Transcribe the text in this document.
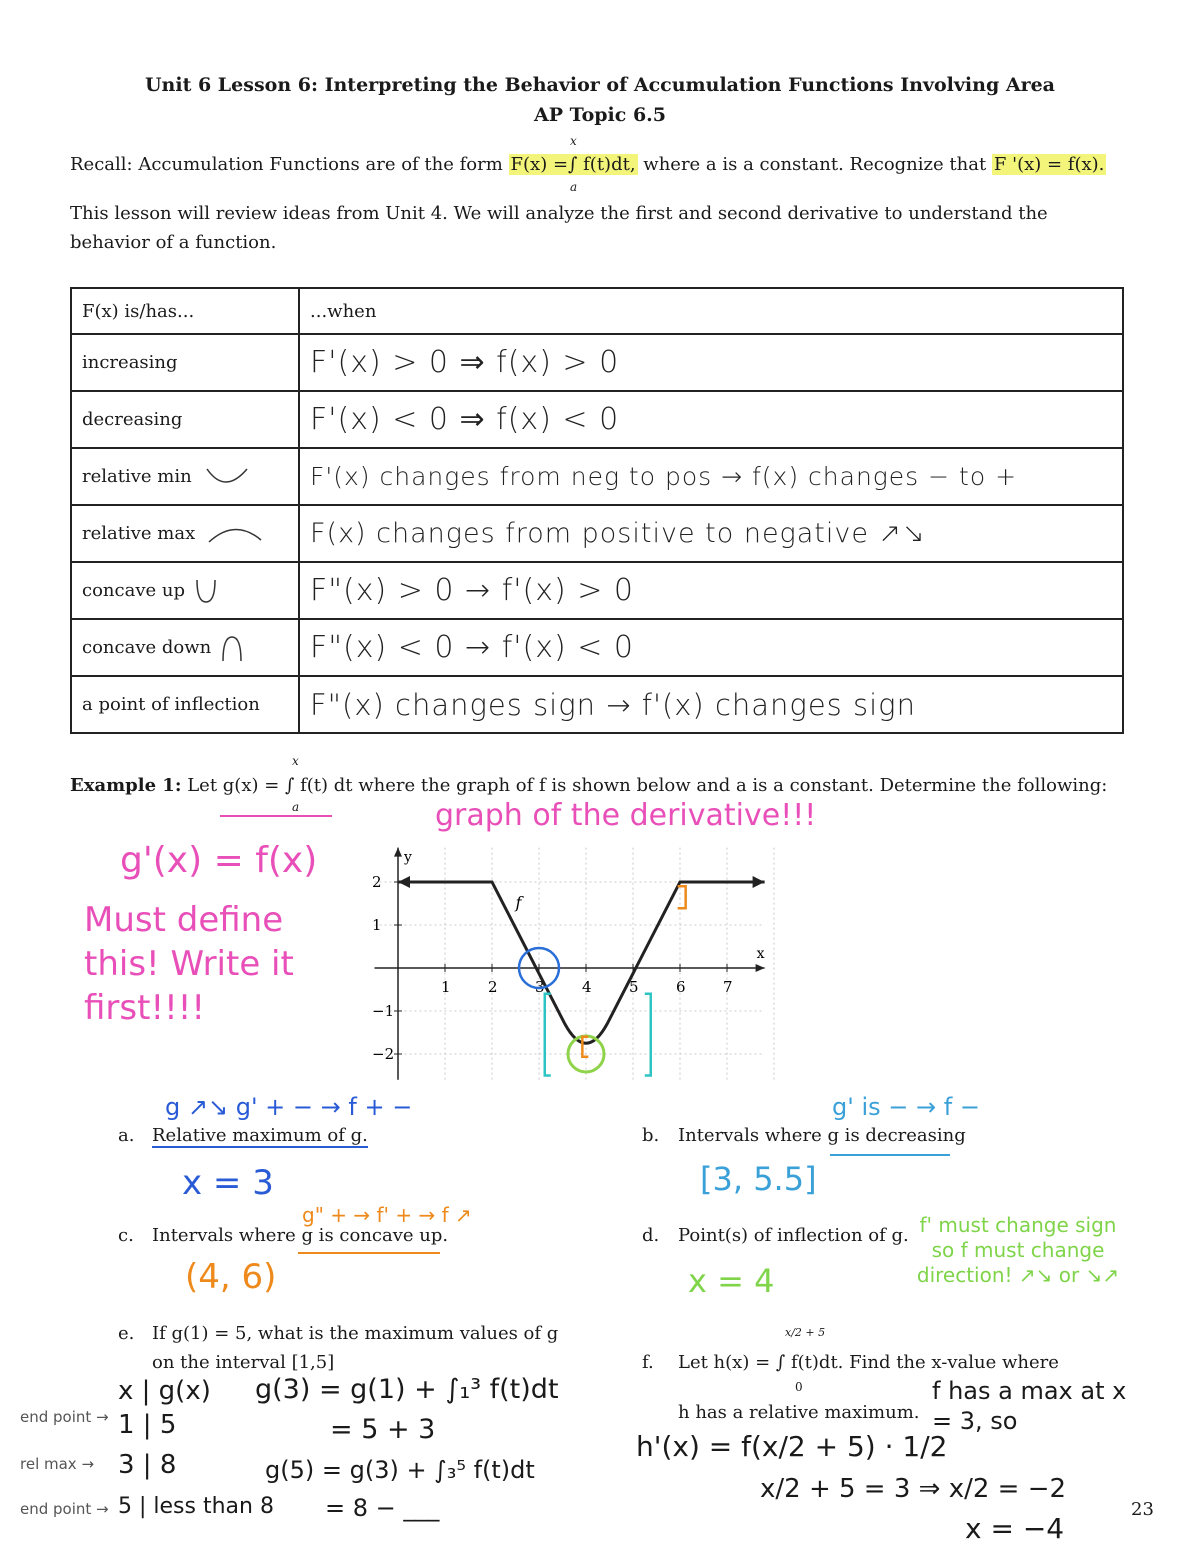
Unit 6 Lesson 6: Interpreting the Behavior of Accumulation Functions Involving Area
AP Topic 6.5
Recall: Accumulation Functions are of the form F(x) =∫ f(t)dt, where a is a constant. Recognize that F '(x) = f(x).
x
a
This lesson will review ideas from Unit 4. We will analyze the first and second derivative to understand the behavior of a function.
F(x) is/has...	...when
increasing	F'(x) > 0 ⇒ f(x) > 0
decreasing	F'(x) < 0 ⇒ f(x) < 0
relative min	F'(x) changes from neg to pos → f(x) changes − to +
relative max	F(x) changes from positive to negative ↗↘
concave up	F"(x) > 0 → f'(x) > 0
concave down	F"(x) < 0 → f'(x) < 0
a point of inflection	F"(x) changes sign → f'(x) changes sign
Example 1: Let g(x) = ∫ f(t) dt where the graph of f is shown below and a is a constant. Determine the following:
x
a	graph of the derivative!!!
g'(x) = f(x)
Must define this! Write it first!!!!
x
y
f
1 2 3 4 5 6 7
2
1
−1
−2
g ↗↘ g' + − → f + −
a. Relative maximum of g.
x = 3
g' is − → f −
b. Intervals where g is decreasing
[3, 5.5]
g" + → f' + → f ↗
c. Intervals where g is concave up.
(4, 6)
d. Point(s) of inflection of g. f' must change sign so f must change direction! ↗↘ or ↘↗
x = 4
e. If g(1) = 5, what is the maximum values of g
on the interval [1,5]
x | g(x)
1 | 5
3 | 8
5 | less than 8
end point →
rel max →
end point →
g(3) = g(1) + ∫₁³ f(t)dt
= 5 + 3
g(5) = g(3) + ∫₃⁵ f(t)dt
= 8 − ___
f. Let h(x) = ∫ f(t)dt. Find the x-value where
x/2 + 5
0
h has a relative maximum.
f has a max at x = 3, so
h'(x) = f(x/2 + 5) · 1/2
x/2 + 5 = 3 ⇒ x/2 = −2
x = −4
23
